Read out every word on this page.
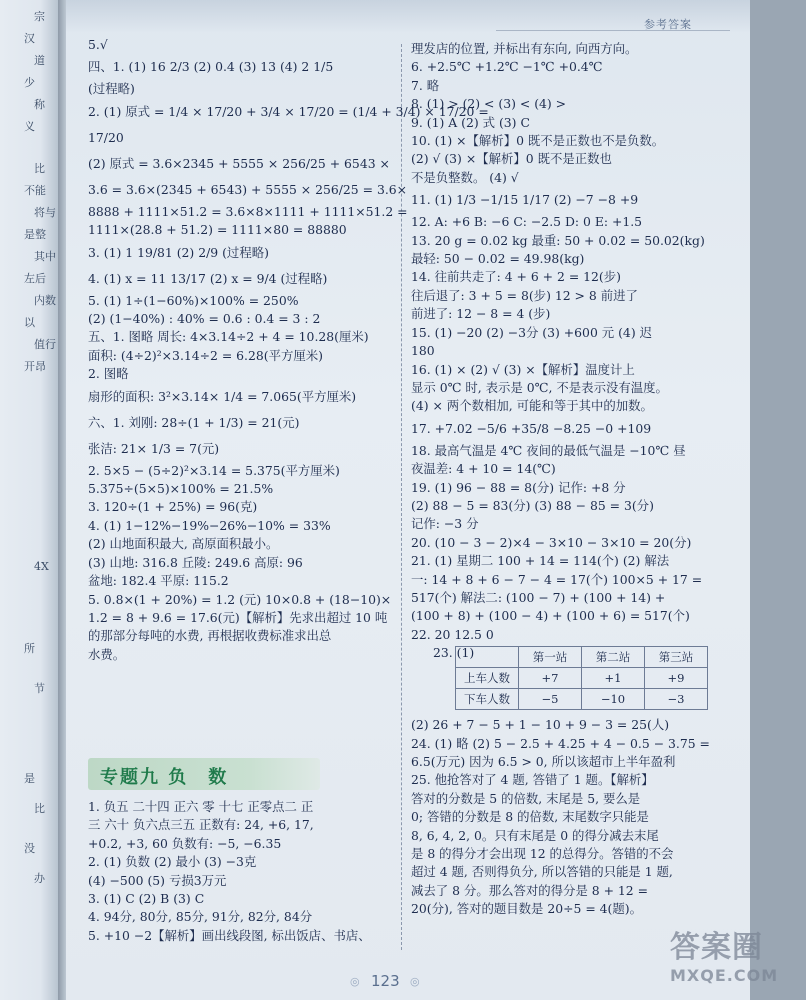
宗
汉
道
少
称
义
比
不能
将与
是整
其中
左后
内数
以
值行
开昂
4X
所
节
是
比
没
办
参考答案
5.√
四、1. (1) 16 2/3 (2) 0.4 (3) 13 (4) 2 1/5
(过程略)
2. (1) 原式 = 1/4 × 17/20 + 3/4 × 17/20 = (1/4 + 3/4) × 17/20 =
17/20
(2) 原式 = 3.6×2345 + 5555 × 256/25 + 6543 ×
3.6 = 3.6×(2345 + 6543) + 5555 × 256/25 = 3.6×
8888 + 1111×51.2 = 3.6×8×1111 + 1111×51.2 =
1111×(28.8 + 51.2) = 1111×80 = 88880
3. (1) 1 19/81 (2) 2/9 (过程略)
4. (1) x = 11 13/17 (2) x = 9/4 (过程略)
5. (1) 1÷(1−60%)×100% = 250%
(2) (1−40%) : 40% = 0.6 : 0.4 = 3 : 2
五、1. 图略 周长: 4×3.14÷2 + 4 = 10.28(厘米)
面积: (4÷2)²×3.14÷2 = 6.28(平方厘米)
2. 图略
扇形的面积: 3²×3.14× 1/4 = 7.065(平方厘米)
六、1. 刘刚: 28÷(1 + 1/3) = 21(元)
张洁: 21× 1/3 = 7(元)
2. 5×5 − (5÷2)²×3.14 = 5.375(平方厘米)
5.375÷(5×5)×100% = 21.5%
3. 120÷(1 + 25%) = 96(克)
4. (1) 1−12%−19%−26%−10% = 33%
(2) 山地面积最大, 高原面积最小。
(3) 山地: 316.8 丘陵: 249.6 高原: 96
盆地: 182.4 平原: 115.2
5. 0.8×(1 + 20%) = 1.2 (元) 10×0.8 + (18−10)×
1.2 = 8 + 9.6 = 17.6(元)【解析】先求出超过 10 吨
的那部分每吨的水费, 再根据收费标准求出总
水费。
专题九 负　数
1. 负五 二十四 正六 零 十七 正零点二 正
三 六十 负六点三五 正数有: 24, +6, 17,
+0.2, +3, 60 负数有: −5, −6.35
2. (1) 负数 (2) 最小 (3) −3克
(4) −500 (5) 亏损3万元
3. (1) C (2) B (3) C
4. 94分, 80分, 85分, 91分, 82分, 84分
5. +10 −2【解析】画出线段图, 标出饭店、书店、
理发店的位置, 并标出有东向, 向西方向。
6. +2.5℃ +1.2℃ −1℃ +0.4℃
7. 略
8. (1) > (2) < (3) < (4) >
9. (1) A (2) 式 (3) C
10. (1) ×【解析】0 既不是正数也不是负数。
(2) √ (3) ×【解析】0 既不是正数也
不是负整数。 (4) √
11. (1) 1/3 −1/15 1/17 (2) −7 −8 +9
12. A: +6 B: −6 C: −2.5 D: 0 E: +1.5
13. 20 g = 0.02 kg 最重: 50 + 0.02 = 50.02(kg)
最轻: 50 − 0.02 = 49.98(kg)
14. 往前共走了: 4 + 6 + 2 = 12(步)
往后退了: 3 + 5 = 8(步) 12 > 8 前进了
前进了: 12 − 8 = 4 (步)
15. (1) −20 (2) −3分 (3) +600 元 (4) 迟
180
16. (1) × (2) √ (3) ×【解析】温度计上
显示 0℃ 时, 表示是 0℃, 不是表示没有温度。
(4) × 两个数相加, 可能和等于其中的加数。
17. +7.02 −5/6 +35/8 −8.25 −0 +109
18. 最高气温是 4℃ 夜间的最低气温是 −10℃ 昼
夜温差: 4 + 10 = 14(℃)
19. (1) 96 − 88 = 8(分) 记作: +8 分
(2) 88 − 5 = 83(分) (3) 88 − 85 = 3(分)
记作: −3 分
20. (10 − 3 − 2)×4 − 3×10 − 3×10 = 20(分)
21. (1) 星期二 100 + 14 = 114(个) (2) 解法
一: 14 + 8 + 6 − 7 − 4 = 17(个) 100×5 + 17 =
517(个) 解法二: (100 − 7) + (100 + 14) +
(100 + 8) + (100 − 4) + (100 + 6) = 517(个)
22. 20 12.5 0
23. (1)
		第一站	第二站	第三站
上车人数	+7	+1	+9
下车人数	−5	−10	−3
(2) 26 + 7 − 5 + 1 − 10 + 9 − 3 = 25(人)
24. (1) 略 (2) 5 − 2.5 + 4.25 + 4 − 0.5 − 3.75 =
6.5(万元) 因为 6.5 > 0, 所以该超市上半年盈利
25. 他抢答对了 4 题, 答错了 1 题。【解析】
答对的分数是 5 的倍数, 末尾是 5, 要么是
0; 答错的分数是 8 的倍数, 末尾数字只能是
8, 6, 4, 2, 0。只有末尾是 0 的得分减去末尾
是 8 的得分才会出现 12 的总得分。答错的不会
超过 4 题, 否则得负分, 所以答错的只能是 1 题,
减去了 8 分。那么答对的得分是 8 + 12 =
20(分), 答对的题目数是 20÷5 = 4(题)。
◎ 123 ◎
答案圈
MXQE.COM
